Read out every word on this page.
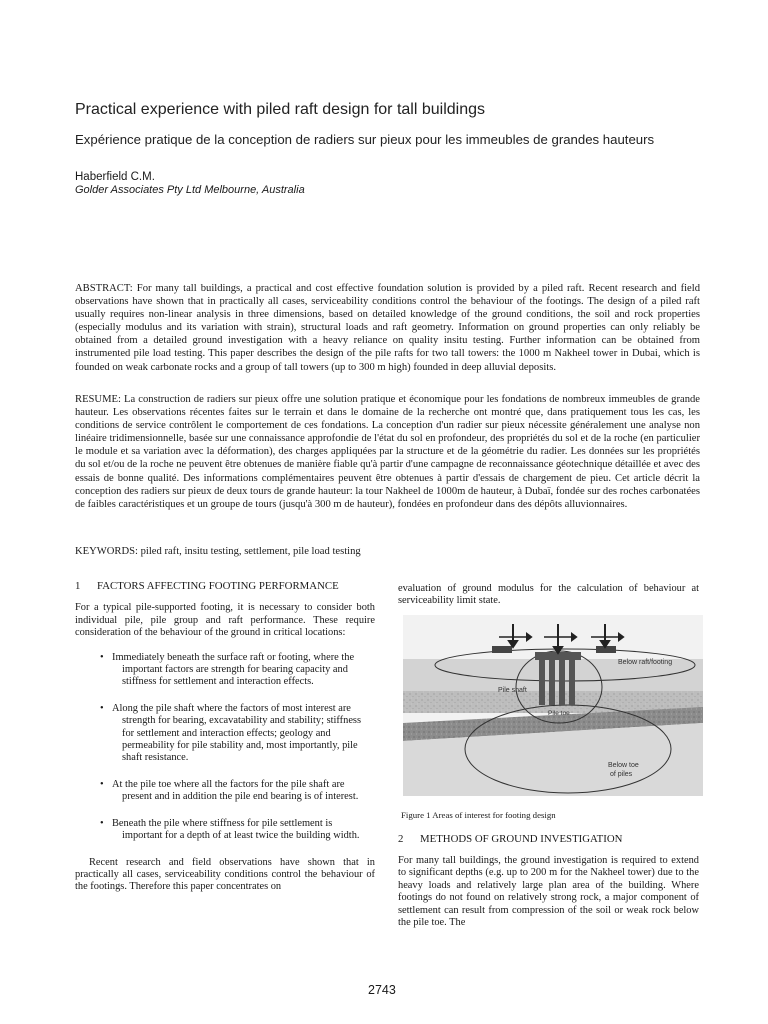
Practical experience with piled raft design for tall buildings
Expérience pratique de la conception de radiers sur pieux pour les immeubles de grandes hauteurs
Haberfield C.M.
Golder Associates Pty Ltd Melbourne, Australia
ABSTRACT: For many tall buildings, a practical and cost effective foundation solution is provided by a piled raft. Recent research and field observations have shown that in practically all cases, serviceability conditions control the behaviour of the footings. The design of a piled raft usually requires non-linear analysis in three dimensions, based on detailed knowledge of the ground conditions, the soil and rock properties (especially modulus and its variation with strain), structural loads and raft geometry. Information on ground properties can only reliably be obtained from a detailed ground investigation with a heavy reliance on quality insitu testing. Further information can be obtained from instrumented pile load testing. This paper describes the design of the pile rafts for two tall towers: the 1000 m Nakheel tower in Dubai, which is founded on weak carbonate rocks and a group of tall towers (up to 300 m high) founded in deep alluvial deposits.
RESUME: La construction de radiers sur pieux offre une solution pratique et économique pour les fondations de nombreux immeubles de grande hauteur. Les observations récentes faites sur le terrain et dans le domaine de la recherche ont montré que, dans pratiquement tous les cas, les conditions de service contrôlent le comportement de ces fondations. La conception d'un radier sur pieux nécessite généralement une analyse non linéaire tridimensionnelle, basée sur une connaissance approfondie de l'état du sol en profondeur, des propriétés du sol et de la roche (en particulier le module et sa variation avec la déformation), des charges appliquées par la structure et de la géométrie du radier. Les données sur les propriétés du sol et/ou de la roche ne peuvent être obtenues de manière fiable qu'à partir d'une campagne de reconnaissance géotechnique détaillée et avec des essais de bonne qualité. Des informations complémentaires peuvent être obtenues à partir d'essais de chargement de pieu. Cet article décrit la conception des radiers sur pieux de deux tours de grande hauteur: la tour Nakheel de 1000m de hauteur, à Dubaï, fondée sur des roches carbonatées de faibles caractéristiques et un groupe de tours (jusqu'à 300 m de hauteur), fondées en profondeur dans des dépôts alluvionnaires.
KEYWORDS: piled raft, insitu testing, settlement, pile load testing
1 FACTORS AFFECTING FOOTING PERFORMANCE

For a typical pile-supported footing, it is necessary to consider both individual pile, pile group and raft performance. These require consideration of the behaviour of the ground in critical locations:

• Immediately beneath the surface raft or footing, where the important factors are strength for bearing capacity and stiffness for settlement and interaction effects.
• Along the pile shaft where the factors of most interest are strength for bearing, excavatability and stability; stiffness for settlement and interaction effects; geology and permeability for pile stability and, most importantly, pile shaft resistance.
• At the pile toe where all the factors for the pile shaft are present and in addition the pile end bearing is of interest.
• Beneath the pile where stiffness for pile settlement is important for a depth of at least twice the building width.

Recent research and field observations have shown that in practically all cases, serviceability conditions control the behaviour of the footings. Therefore this paper concentrates on

evaluation of ground modulus for the calculation of behaviour at serviceability limit state.

Below raft/footing
Pile shaft
Pile toe
Below toe
of piles
Figure 1 Areas of interest for footing design
2 METHODS OF GROUND INVESTIGATION

For many tall buildings, the ground investigation is required to extend to significant depths (e.g. up to 200 m for the Nakheel tower) due to the heavy loads and relatively large plan area of the building. Where footings do not found on relatively strong rock, a major component of settlement can result from compression of the soil or weak rock below the pile toe. The

2743
